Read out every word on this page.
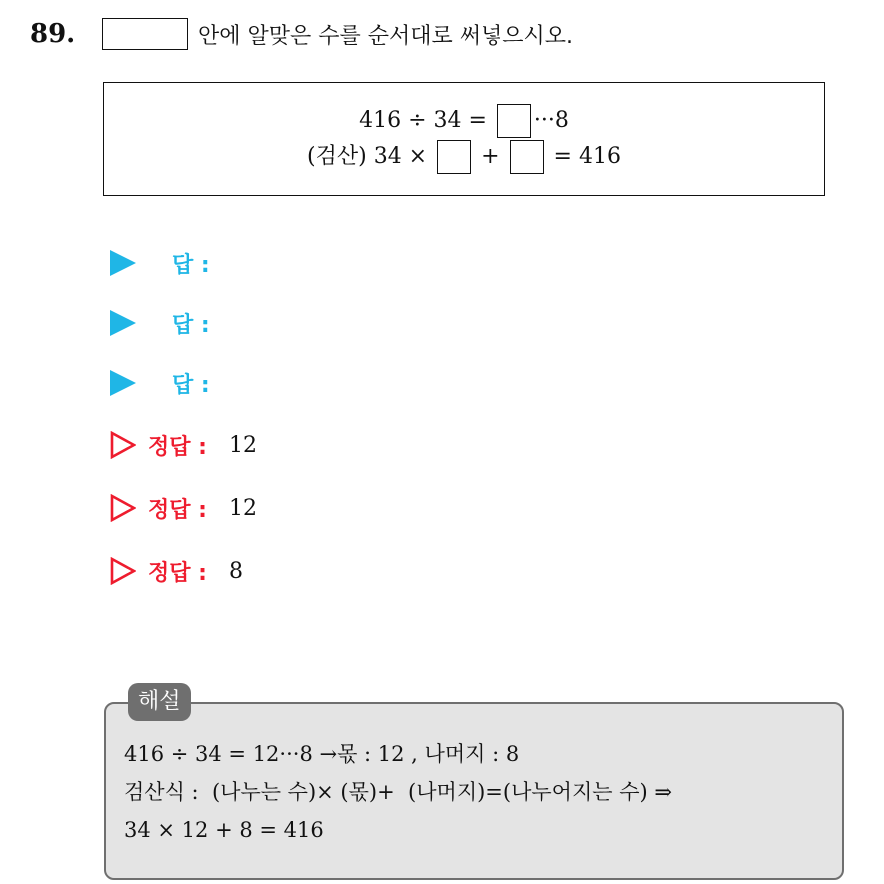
89.	안에 알맞은 수를 순서대로 써넣으시오.
416 ÷ 34 = ···8
(검산) 34 × + = 416
답 :
답 :
답 :
정답 : 12
정답 : 12
정답 : 8
해설
416 ÷ 34 = 12···8 →몫 : 12 , 나머지 : 8
검산식 :  (나누는 수)× (몫)+  (나머지)=(나누어지는 수) ⇒
34 × 12 + 8 = 416
